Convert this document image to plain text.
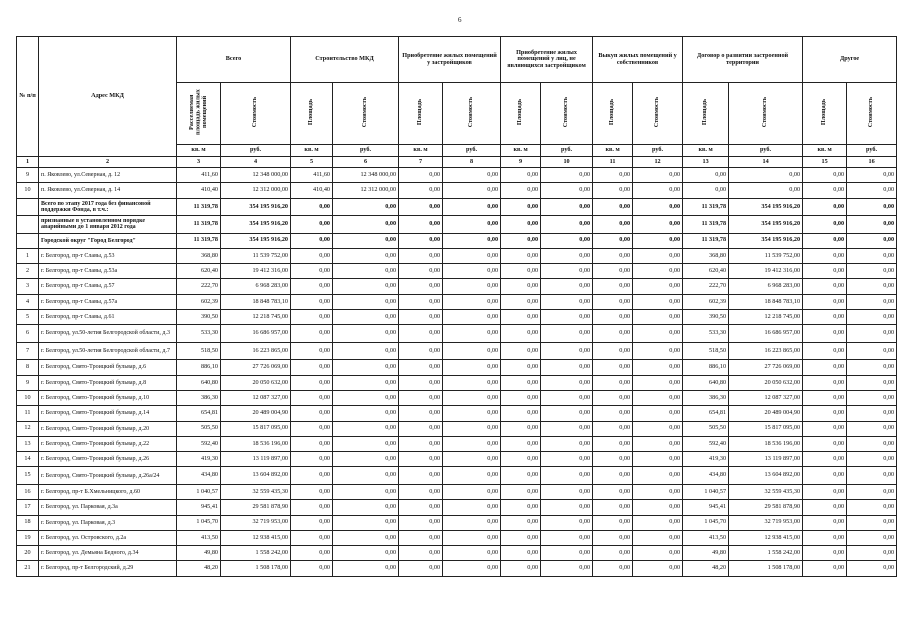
6
№ п/п	Адрес МКД	Всего		Строительство МКД		Приобретение жилых помещений у застройщиков		Приобретение жилых помещений у лиц, не являющихся застройщиком		Выкуп жилых помещений у собственников		Договор о развитии застроенной территории		Другое	
		Расселяемая площадь жилых помещений	Стоимость	Площадь	Стоимость	Площадь	Стоимость	Площадь	Стоимость	Площадь	Стоимость	Площадь	Стоимость	Площадь	Стоимость
		кв. м	руб.	кв. м	руб.	кв. м	руб.	кв. м	руб.	кв. м	руб.	кв. м	руб.	кв. м	руб.
1	2	3	4	5	6	7	8	9	10	11	12	13	14	15	16
9	п. Яковлево, ул.Северная, д. 12	411,60	12 348 000,00	411,60	12 348 000,00	0,00	0,00	0,00	0,00	0,00	0,00	0,00	0,00	0,00	0,00
10	п. Яковлево, ул.Северная, д. 14	410,40	12 312 000,00	410,40	12 312 000,00	0,00	0,00	0,00	0,00	0,00	0,00	0,00	0,00	0,00	0,00
	Всего по этапу 2017 года без финансовой поддержки Фонда, в т.ч.:	11 319,78	354 195 916,20	0,00	0,00	0,00	0,00	0,00	0,00	0,00	0,00	11 319,78	354 195 916,20	0,00	0,00
	признанные в установленном порядке аварийными до 1 января 2012 года	11 319,78	354 195 916,20	0,00	0,00	0,00	0,00	0,00	0,00	0,00	0,00	11 319,78	354 195 916,20	0,00	0,00
	Городской округ "Город Белгород"	11 319,78	354 195 916,20	0,00	0,00	0,00	0,00	0,00	0,00	0,00	0,00	11 319,78	354 195 916,20	0,00	0,00
1	г. Белгород, пр-т Славы, д.53	368,80	11 539 752,00	0,00	0,00	0,00	0,00	0,00	0,00	0,00	0,00	368,80	11 539 752,00	0,00	0,00
2	г. Белгород, пр-т Славы, д.53а	620,40	19 412 316,00	0,00	0,00	0,00	0,00	0,00	0,00	0,00	0,00	620,40	19 412 316,00	0,00	0,00
3	г. Белгород, пр-т Славы, д.57	222,70	6 968 283,00	0,00	0,00	0,00	0,00	0,00	0,00	0,00	0,00	222,70	6 968 283,00	0,00	0,00
4	г. Белгород, пр-т Славы, д.57а	602,39	18 848 783,10	0,00	0,00	0,00	0,00	0,00	0,00	0,00	0,00	602,39	18 848 783,10	0,00	0,00
5	г. Белгород, пр-т Славы, д.61	390,50	12 218 745,00	0,00	0,00	0,00	0,00	0,00	0,00	0,00	0,00	390,50	12 218 745,00	0,00	0,00
6	г. Белгород, ул.50-летия Белгородской области, д.3	533,30	16 686 957,00	0,00	0,00	0,00	0,00	0,00	0,00	0,00	0,00	533,30	16 686 957,00	0,00	0,00
7	г. Белгород, ул.50-летия Белгородской области, д.7	518,50	16 223 865,00	0,00	0,00	0,00	0,00	0,00	0,00	0,00	0,00	518,50	16 223 865,00	0,00	0,00
8	г. Белгород, Свято-Троицкий бульвар, д.6	886,10	27 726 069,00	0,00	0,00	0,00	0,00	0,00	0,00	0,00	0,00	886,10	27 726 069,00	0,00	0,00
9	г. Белгород, Свято-Троицкий бульвар, д.8	640,80	20 050 632,00	0,00	0,00	0,00	0,00	0,00	0,00	0,00	0,00	640,80	20 050 632,00	0,00	0,00
10	г. Белгород, Свято-Троицкий бульвар, д.10	386,30	12 087 327,00	0,00	0,00	0,00	0,00	0,00	0,00	0,00	0,00	386,30	12 087 327,00	0,00	0,00
11	г. Белгород, Свято-Троицкий бульвар, д.14	654,81	20 489 004,90	0,00	0,00	0,00	0,00	0,00	0,00	0,00	0,00	654,81	20 489 004,90	0,00	0,00
12	г. Белгород, Свято-Троицкий бульвар, д.20	505,50	15 817 095,00	0,00	0,00	0,00	0,00	0,00	0,00	0,00	0,00	505,50	15 817 095,00	0,00	0,00
13	г. Белгород, Свято-Троицкий бульвар, д.22	592,40	18 536 196,00	0,00	0,00	0,00	0,00	0,00	0,00	0,00	0,00	592,40	18 536 196,00	0,00	0,00
14	г. Белгород, Свято-Троицкий бульвар, д.26	419,30	13 119 897,00	0,00	0,00	0,00	0,00	0,00	0,00	0,00	0,00	419,30	13 119 897,00	0,00	0,00
15	г. Белгород, Свято-Троицкий бульвар, д.26а/24	434,80	13 604 892,00	0,00	0,00	0,00	0,00	0,00	0,00	0,00	0,00	434,80	13 604 892,00	0,00	0,00
16	г. Белгород, пр-т Б.Хмельницкого, д.60	1 040,57	32 559 435,30	0,00	0,00	0,00	0,00	0,00	0,00	0,00	0,00	1 040,57	32 559 435,30	0,00	0,00
17	г. Белгород, ул. Парковая, д.3а	945,41	29 581 878,90	0,00	0,00	0,00	0,00	0,00	0,00	0,00	0,00	945,41	29 581 878,90	0,00	0,00
18	г. Белгород, ул. Парковая, д.3	1 045,70	32 719 953,00	0,00	0,00	0,00	0,00	0,00	0,00	0,00	0,00	1 045,70	32 719 953,00	0,00	0,00
19	г. Белгород, ул. Островского, д.2а	413,50	12 938 415,00	0,00	0,00	0,00	0,00	0,00	0,00	0,00	0,00	413,50	12 938 415,00	0,00	0,00
20	г. Белгород, ул. Демьяна Бедного, д.34	49,80	1 558 242,00	0,00	0,00	0,00	0,00	0,00	0,00	0,00	0,00	49,80	1 558 242,00	0,00	0,00
21	г. Белгород, пр-т Белгородский, д.29	48,20	1 508 178,00	0,00	0,00	0,00	0,00	0,00	0,00	0,00	0,00	48,20	1 508 178,00	0,00	0,00
